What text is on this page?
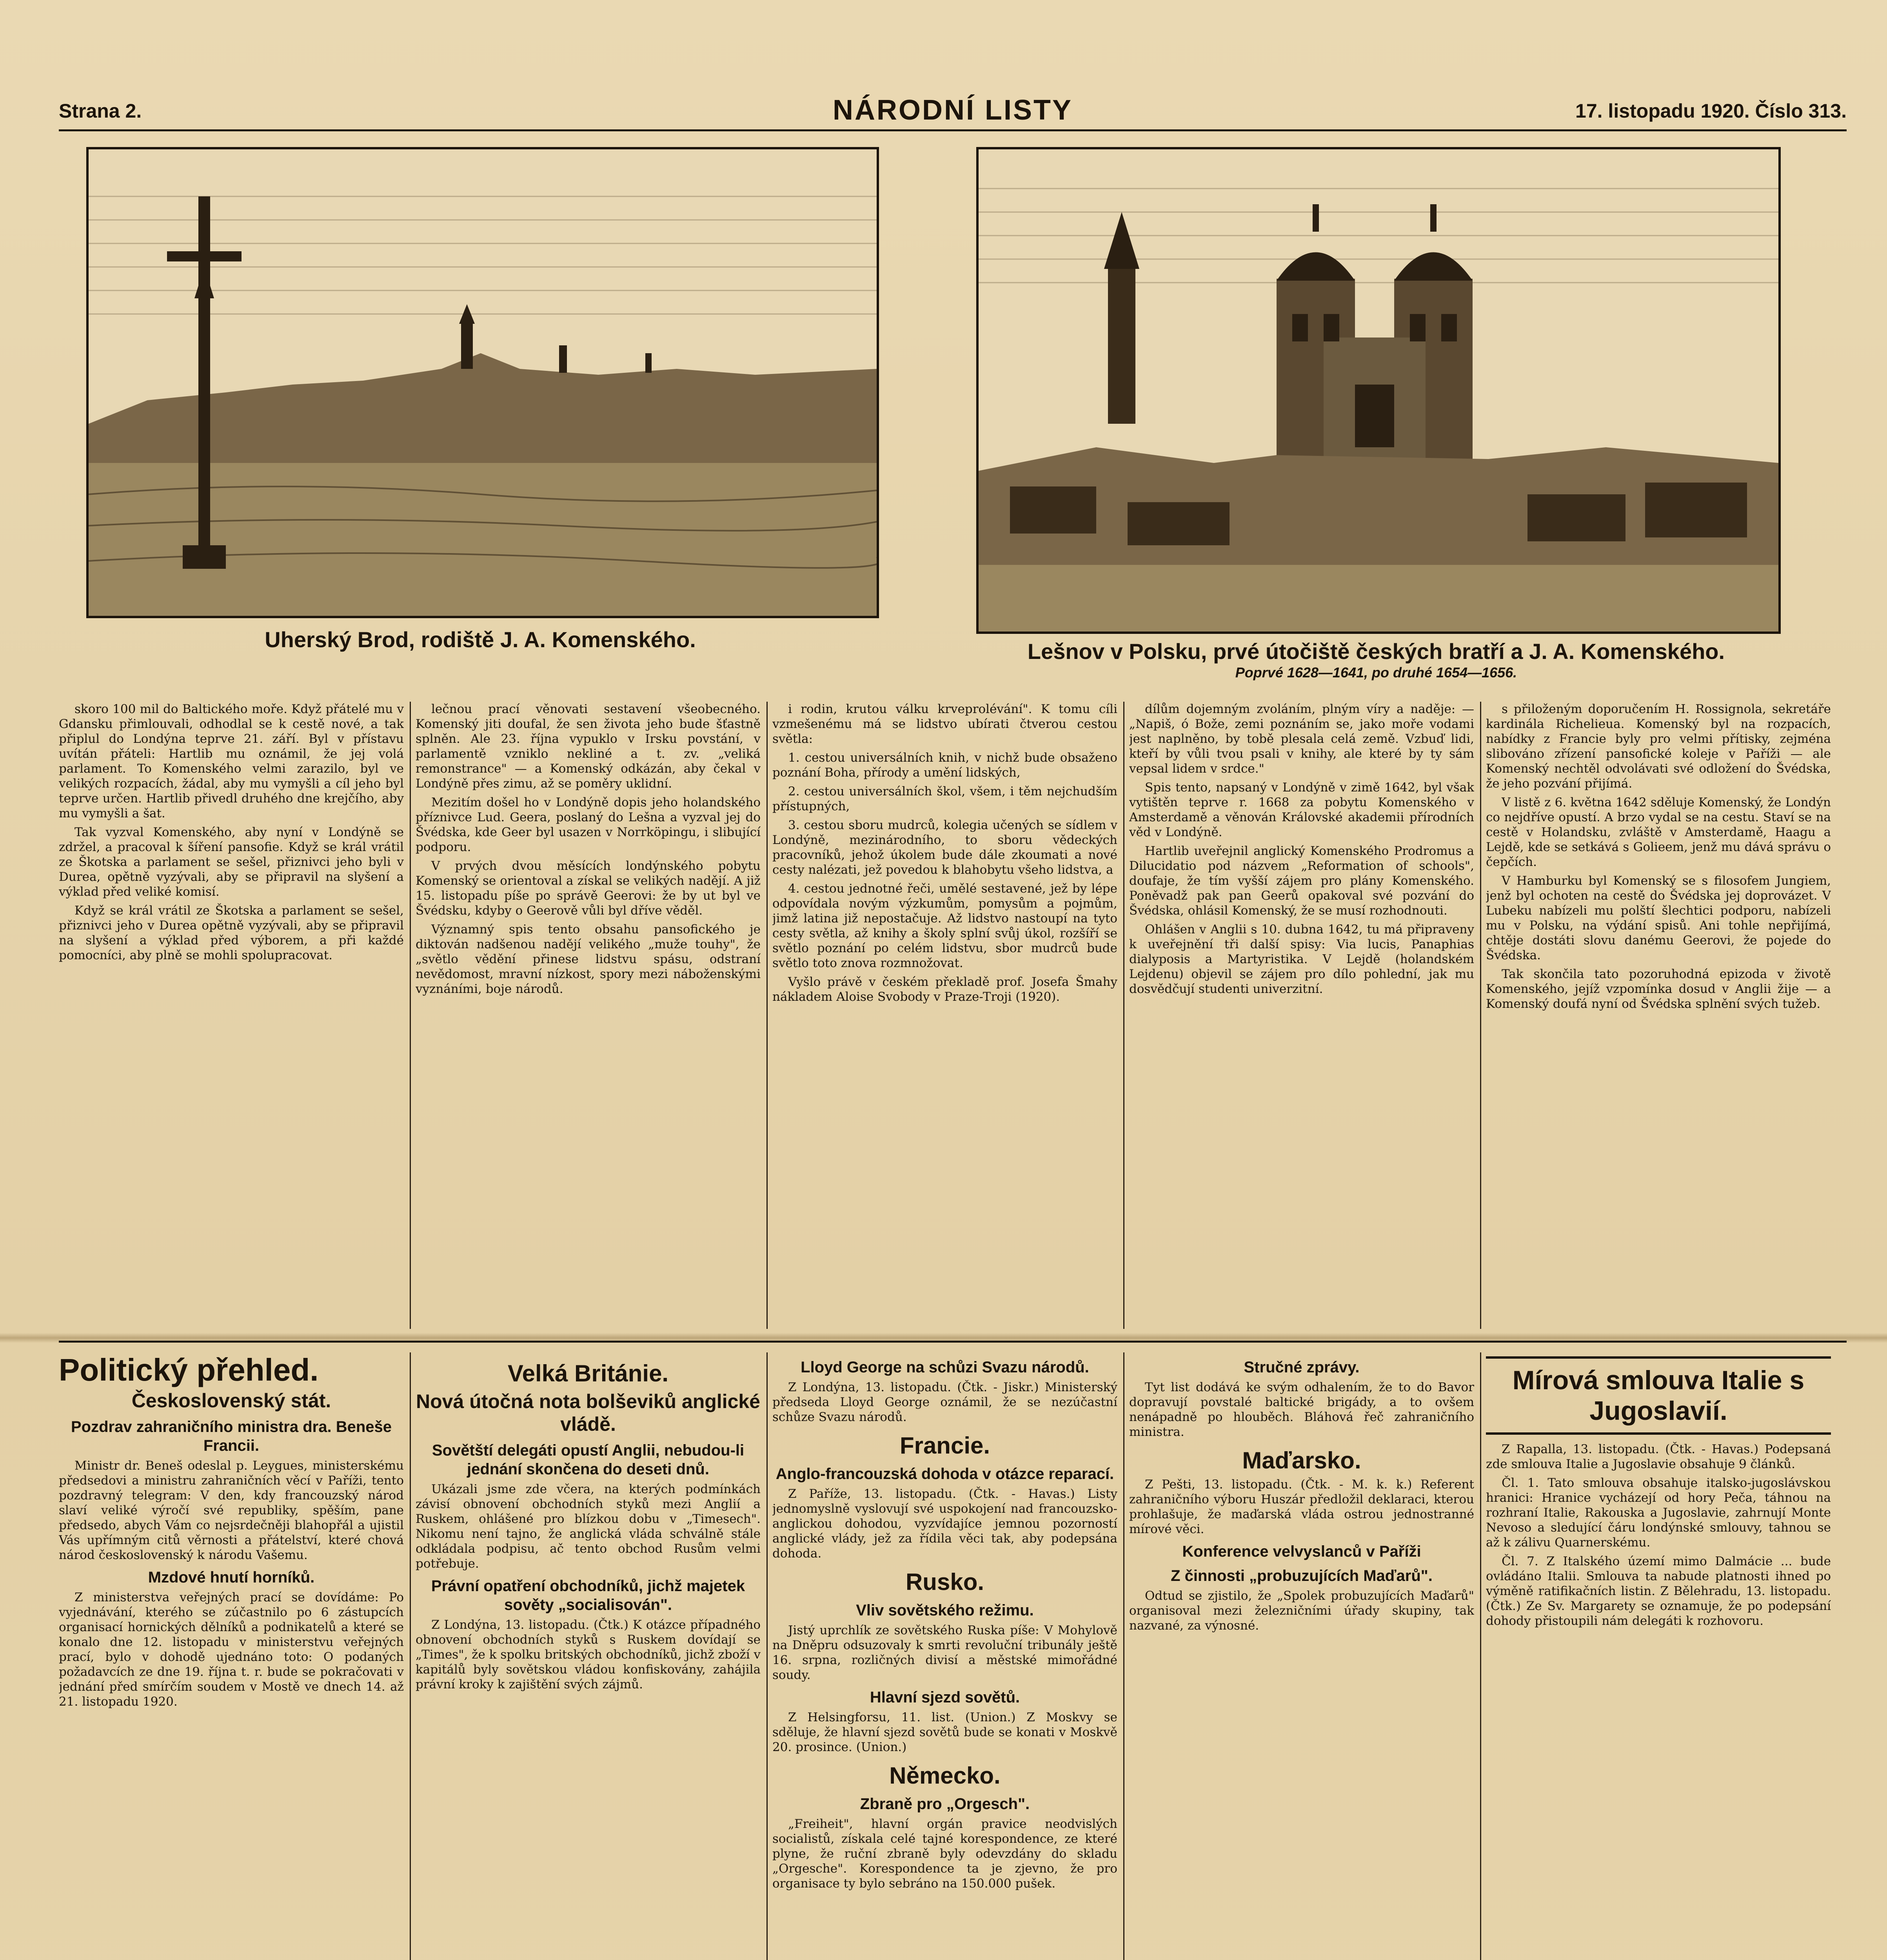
Strana 2.	NÁRODNÍ LISTY	17. listopadu 1920. Číslo 313.
Uherský Brod, rodiště J. A. Komenského.	Lešnov v Polsku, prvé útočiště českých bratří a J. A. Komenského.
Poprvé 1628—1641, po druhé 1654—1656.

skoro 100 mil do Baltického moře. Když přátelé mu v Gdansku přimlouvali, odhodlal se k cestě nové, a tak připlul do Londýna teprve 21. září. Byl v přístavu uvítán přáteli: Hartlib mu oznámil, že jej volá parlament. To Komenského velmi zarazilo, byl ve velikých rozpacích, žádal, aby mu vymyšli a cíl jeho byl teprve určen. Hartlib přivedl druhého dne krejčího, aby mu vymyšli a šat.

Tak vyzval Komenského, aby nyní v Londýně se zdržel, a pracoval k šíření pansofie. Když se král vrátil ze Škotska a parlament se sešel, přiznivci jeho byli v Durea, opětně vyzývali, aby se připravil na slyšení a výklad před veliké komisí.

Když se král vrátil ze Škotska a parlament se sešel, přiznivci jeho v Durea opětně vyzývali, aby se připravil na slyšení a výklad před výborem, a při každé pomocníci, aby plně se mohli spolupracovat.

lečnou prací věnovati sestavení všeobecného. Komenský jiti doufal, že sen života jeho bude šťastně splněn. Ale 23. října vypuklo v Irsku povstání, v parlamentě vzniklo nekliné a t. zv. „veliká remonstrance" — a Komenský odkázán, aby čekal v Londýně přes zimu, až se poměry uklidní.

Mezitím došel ho v Londýně dopis jeho holandského příznivce Lud. Geera, poslaný do Lešna a vyzval jej do Švédska, kde Geer byl usazen v Norrköpingu, i slibující podporu.

V prvých dvou měsících londýnského pobytu Komenský se orientoval a získal se velikých nadějí. A již 15. listopadu píše po správě Geerovi: že by ut byl ve Švédsku, kdyby o Geerově vůli byl dříve věděl.

Významný spis tento obsahu pansofického je diktován nadšenou nadějí velikého „muže touhy", že „světlo vědění přinese lidstvu spásu, odstraní nevědomost, mravní nízkost, spory mezi náboženskými vyznáními, boje národů.

i rodin, krutou válku krveprolévání". K tomu cíli vzmešenému má se lidstvo ubírati čtverou cestou světla:

1. cestou universálních knih, v nichž bude obsaženo poznání Boha, přírody a umění lidských,

2. cestou universálních škol, všem, i těm nejchudším přístupných,

3. cestou sboru mudrců, kolegia učených se sídlem v Londýně, mezinárodního, to sboru vědeckých pracovníků, jehož úkolem bude dále zkoumati a nové cesty nalézati, jež povedou k blahobytu všeho lidstva, a

4. cestou jednotné řeči, umělé sestavené, jež by lépe odpovídala novým výzkumům, pomysům a pojmům, jimž latina již nepostačuje. Až lidstvo nastoupí na tyto cesty světla, až knihy a školy splní svůj úkol, rozšíří se světlo poznání po celém lidstvu, sbor mudrců bude světlo toto znova rozmnožovat.

Vyšlo právě v českém překladě prof. Josefa Šmahy nákladem Aloise Svobody v Praze-Troji (1920).

dílům dojemným zvoláním, plným víry a naděje: — „Napiš, ó Bože, zemi poznáním se, jako moře vodami jest naplněno, by tobě plesala celá země. Vzbuď lidi, kteří by vůli tvou psali v knihy, ale které by ty sám vepsal lidem v srdce."

Spis tento, napsaný v Londýně v zimě 1642, byl však vytištěn teprve r. 1668 za pobytu Komenského v Amsterdamě a věnován Královské akademii přírodních věd v Londýně.

Hartlib uveřejnil anglický Komenského Prodromus a Dilucidatio pod názvem „Reformation of schools", doufaje, že tím vyšší zájem pro plány Komenského. Poněvadž pak pan Geerů opakoval své pozvání do Švédska, ohlásil Komenský, že se musí rozhodnouti.

Ohlášen v Anglii s 10. dubna 1642, tu má připraveny k uveřejnění tři další spisy: Via lucis, Panaphias dialyposis a Martyristika. V Lejdě (holandském Lejdenu) objevil se zájem pro dílo pohlední, jak mu dosvědčují studenti univerzitní.

s přiloženým doporučením H. Rossignola, sekretáře kardinála Richelieua. Komenský byl na rozpacích, nabídky z Francie byly pro velmi přítisky, zejména slibováno zřízení pansofické koleje v Paříži — ale Komenský nechtěl odvolávati své odložení do Švédska, že jeho pozvání přijímá.

V listě z 6. května 1642 sděluje Komenský, že Londýn co nejdříve opustí. A brzo vydal se na cestu. Staví se na cestě v Holandsku, zvláště v Amsterdamě, Haagu a Lejdě, kde se setkává s Golieem, jenž mu dává správu o čepčích.

V Hamburku byl Komenský se s filosofem Jungiem, jenž byl ochoten na cestě do Švédska jej doprovázet. V Lubeku nabízeli mu polští šlechtici podporu, nabízeli mu v Polsku, na výdání spisů. Ani tohle nepřijímá, chtěje dostáti slovu danému Geerovi, že pojede do Švédska.

Tak skončila tato pozoruhodná epizoda v životě Komenského, jejíž vzpomínka dosud v Anglii žije — a Komenský doufá nyní od Švédska splnění svých tužeb.

Politický přehled.
Československý stát.
Pozdrav zahraničního ministra dra. Beneše Francii.

Ministr dr. Beneš odeslal p. Leygues, ministerskému předsedovi a ministru zahraničních věcí v Paříži, tento pozdravný telegram: V den, kdy francouzský národ slaví veliké výročí své republiky, spěším, pane předsedo, abych Vám co nejsrdečněji blahopřál a ujistil Vás upřímným citů věrnosti a přátelství, které chová národ československý k národu Vašemu.

Mzdové hnutí horníků.

Z ministerstva veřejných prací se dovídáme: Po vyjednávání, kterého se zúčastnilo po 6 zástupcích organisací hornických dělníků a podnikatelů a které se konalo dne 12. listopadu v ministerstvu veřejných prací, bylo v dohodě ujednáno toto: O podaných požadavcích ze dne 19. října t. r. bude se pokračovati v jednání před smírčím soudem v Mostě ve dnech 14. až 21. listopadu 1920.

Velká Británie.
Nová útočná nota bolševiků anglické vládě.
Sovětští delegáti opustí Anglii, nebudou-li jednání skončena do deseti dnů.

Ukázali jsme zde včera, na kterých podmínkách závisí obnovení obchodních styků mezi Anglií a Ruskem, ohlášené pro blízkou dobu v „Timesech". Nikomu není tajno, že anglická vláda schválně stále odkládala podpisu, ač tento obchod Rusům velmi potřebuje.

Právní opatření obchodníků, jichž majetek sověty „socialisován".

Z Londýna, 13. listopadu. (Čtk.) K otázce případného obnovení obchodních styků s Ruskem dovídají se „Times", že k spolku britských obchodníků, jichž zboží v kapitálů byly sovětskou vládou konfiskovány, zahájila právní kroky k zajištění svých zájmů.

Lloyd George na schůzi Svazu národů.

Z Londýna, 13. listopadu. (Čtk. - Jiskr.) Ministerský předseda Lloyd George oznámil, že se nezúčastní schůze Svazu národů.

Francie.
Anglo-francouzská dohoda v otázce reparací.

Z Paříže, 13. listopadu. (Čtk. - Havas.) Listy jednomyslně vyslovují své uspokojení nad francouzsko-anglickou dohodou, vyzvídajíce jemnou pozorností anglické vlády, jež za řídila věci tak, aby podepsána dohoda.

Rusko.
Vliv sovětského režimu.

Jistý uprchlík ze sovětského Ruska píše: V Mohylově na Dněpru odsuzovaly k smrti revoluční tribunály ještě 16. srpna, rozličných divisí a městské mimořádné soudy.

Hlavní sjezd sovětů.

Z Helsingforsu, 11. list. (Union.) Z Moskvy se sděluje, že hlavní sjezd sovětů bude se konati v Moskvě 20. prosince. (Union.)

Německo.
Zbraně pro „Orgesch".

„Freiheit", hlavní orgán pravice neodvislých socialistů, získala celé tajné korespondence, ze které plyne, že ruční zbraně byly odevzdány do skladu „Orgesche". Korespondence ta je zjevno, že pro organisace ty bylo sebráno na 150.000 pušek.

Stručné zprávy.

Tyt list dodává ke svým odhalením, že to do Bavor dopravují povstalé baltické brigády, a to ovšem nenápadně po hlouběch. Bláhová řeč zahraničního ministra.

Maďarsko.

Z Pešti, 13. listopadu. (Čtk. - M. k. k.) Referent zahraničního výboru Huszár předložil deklaraci, kterou prohlašuje, že maďarská vláda ostrou jednostranné mírové věci.

Konference velvyslanců v Paříži
Z činnosti „probuzujících Maďarů".

Odtud se zjistilo, že „Spolek probuzujících Maďarů" organisoval mezi železničními úřady skupiny, tak nazvané, za výnosné.

Mírová smlouva Italie s Jugoslavií.

Z Rapalla, 13. listopadu. (Čtk. - Havas.) Podepsaná zde smlouva Italie a Jugoslavie obsahuje 9 článků.

Čl. 1. Tato smlouva obsahuje italsko-jugoslávskou hranici: Hranice vycházejí od hory Peča, táhnou na rozhraní Italie, Rakouska a Jugoslavie, zahrnují Monte Nevoso a sledující čáru londýnské smlouvy, tahnou se až k zálivu Quarnerskému.

Čl. 7. Z Italského území mimo Dalmácie ... bude ovládáno Italii. Smlouva ta nabude platnosti ihned po výměně ratifikačních listin. Z Bělehradu, 13. listopadu. (Čtk.) Ze Sv. Margarety se oznamuje, že po podepsání dohody přistoupili nám delegáti k rozhovoru.
